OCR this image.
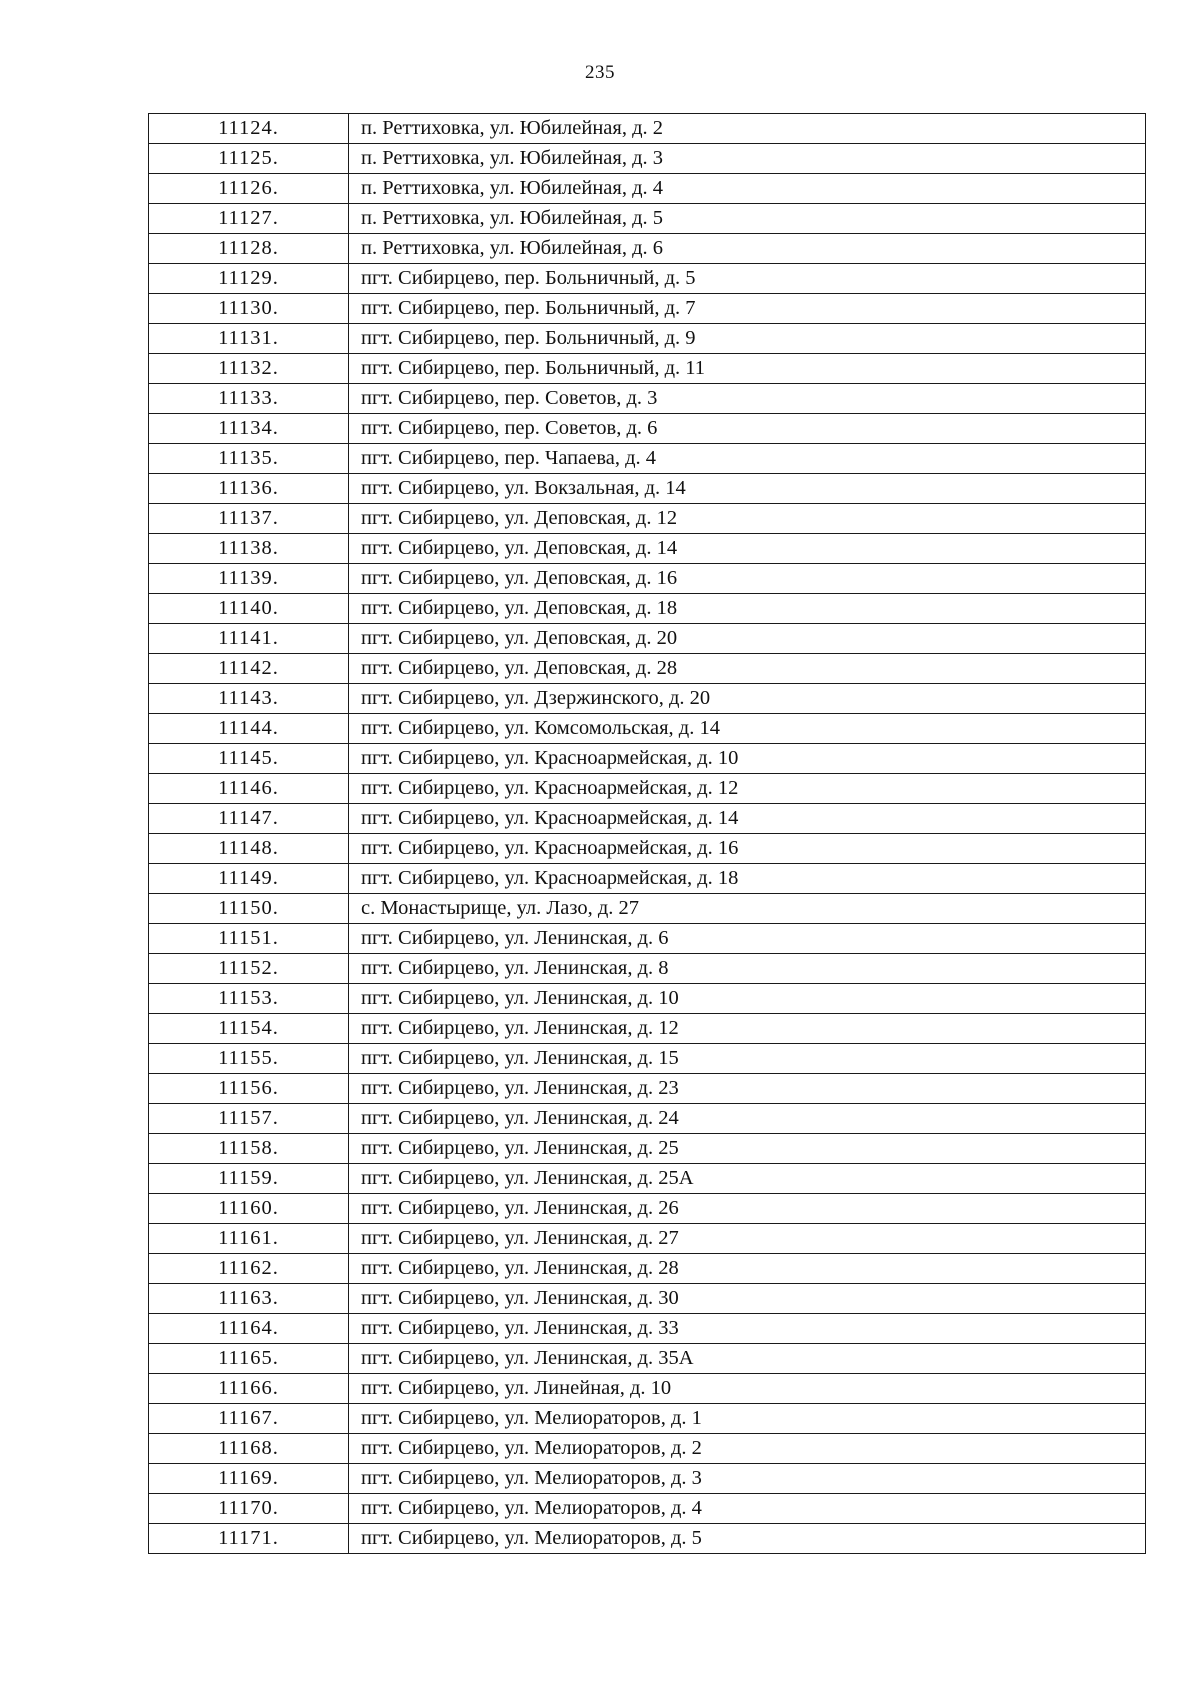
235
11124.	п. Реттиховка, ул. Юбилейная, д. 2
11125.	п. Реттиховка, ул. Юбилейная, д. 3
11126.	п. Реттиховка, ул. Юбилейная, д. 4
11127.	п. Реттиховка, ул. Юбилейная, д. 5
11128.	п. Реттиховка, ул. Юбилейная, д. 6
11129.	пгт. Сибирцево, пер. Больничный, д. 5
11130.	пгт. Сибирцево, пер. Больничный, д. 7
11131.	пгт. Сибирцево, пер. Больничный, д. 9
11132.	пгт. Сибирцево, пер. Больничный, д. 11
11133.	пгт. Сибирцево, пер. Советов, д. 3
11134.	пгт. Сибирцево, пер. Советов, д. 6
11135.	пгт. Сибирцево, пер. Чапаева, д. 4
11136.	пгт. Сибирцево, ул. Вокзальная, д. 14
11137.	пгт. Сибирцево, ул. Деповская, д. 12
11138.	пгт. Сибирцево, ул. Деповская, д. 14
11139.	пгт. Сибирцево, ул. Деповская, д. 16
11140.	пгт. Сибирцево, ул. Деповская, д. 18
11141.	пгт. Сибирцево, ул. Деповская, д. 20
11142.	пгт. Сибирцево, ул. Деповская, д. 28
11143.	пгт. Сибирцево, ул. Дзержинского, д. 20
11144.	пгт. Сибирцево, ул. Комсомольская, д. 14
11145.	пгт. Сибирцево, ул. Красноармейская, д. 10
11146.	пгт. Сибирцево, ул. Красноармейская, д. 12
11147.	пгт. Сибирцево, ул. Красноармейская, д. 14
11148.	пгт. Сибирцево, ул. Красноармейская, д. 16
11149.	пгт. Сибирцево, ул. Красноармейская, д. 18
11150.	с. Монастырище, ул. Лазо, д. 27
11151.	пгт. Сибирцево, ул. Ленинская, д. 6
11152.	пгт. Сибирцево, ул. Ленинская, д. 8
11153.	пгт. Сибирцево, ул. Ленинская, д. 10
11154.	пгт. Сибирцево, ул. Ленинская, д. 12
11155.	пгт. Сибирцево, ул. Ленинская, д. 15
11156.	пгт. Сибирцево, ул. Ленинская, д. 23
11157.	пгт. Сибирцево, ул. Ленинская, д. 24
11158.	пгт. Сибирцево, ул. Ленинская, д. 25
11159.	пгт. Сибирцево, ул. Ленинская, д. 25А
11160.	пгт. Сибирцево, ул. Ленинская, д. 26
11161.	пгт. Сибирцево, ул. Ленинская, д. 27
11162.	пгт. Сибирцево, ул. Ленинская, д. 28
11163.	пгт. Сибирцево, ул. Ленинская, д. 30
11164.	пгт. Сибирцево, ул. Ленинская, д. 33
11165.	пгт. Сибирцево, ул. Ленинская, д. 35А
11166.	пгт. Сибирцево, ул. Линейная, д. 10
11167.	пгт. Сибирцево, ул. Мелиораторов, д. 1
11168.	пгт. Сибирцево, ул. Мелиораторов, д. 2
11169.	пгт. Сибирцево, ул. Мелиораторов, д. 3
11170.	пгт. Сибирцево, ул. Мелиораторов, д. 4
11171.	пгт. Сибирцево, ул. Мелиораторов, д. 5
